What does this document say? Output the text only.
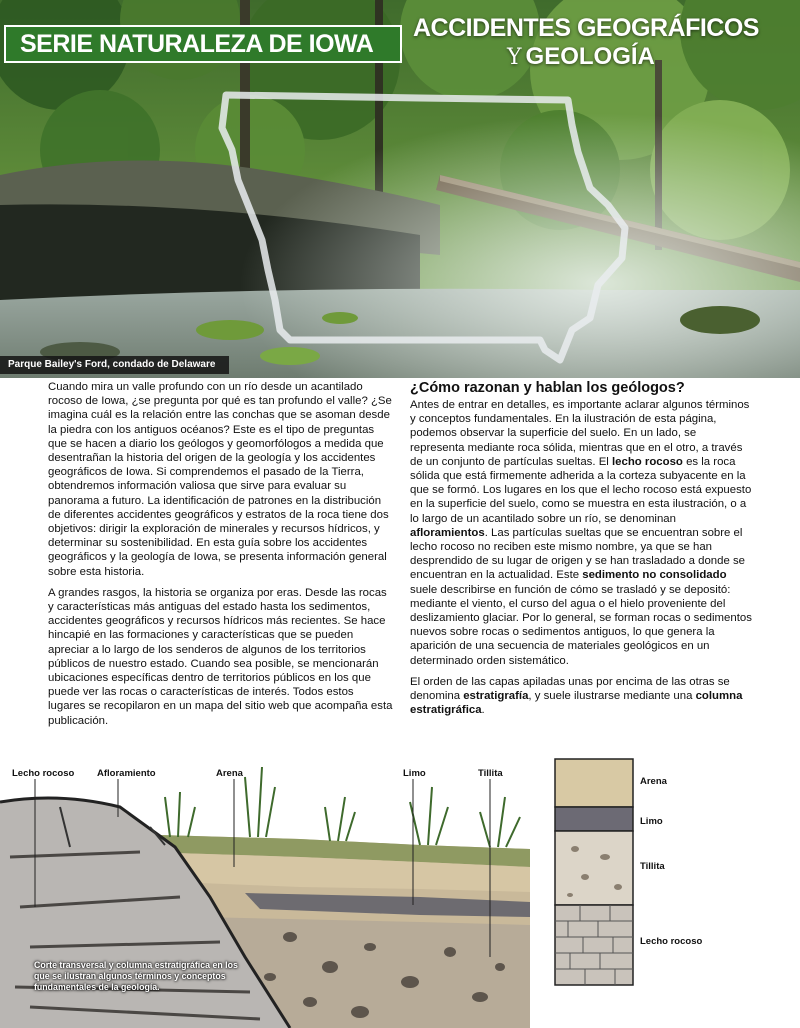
SERIE NATURALEZA DE IOWA
ACCIDENTES GEOGRÁFICOS
Y GEOLOGÍA
Parque Bailey's Ford, condado de Delaware

Cuando mira un valle profundo con un río desde un acantilado rocoso de Iowa, ¿se pregunta por qué es tan profundo el valle? ¿Se imagina cuál es la relación entre las conchas que se asoman desde la piedra con los antiguos océanos? Este es el tipo de preguntas que se hacen a diario los geólogos y geomorfólogos a medida que desentrañan la historia del origen de la geología y los accidentes geográficos de Iowa. Si comprendemos el pasado de la Tierra, obtendremos información valiosa que sirve para evaluar su panorama a futuro. La identificación de patrones en la distribución de diferentes accidentes geográficos y estratos de la roca tiene dos objetivos: dirigir la exploración de minerales y recursos hídricos, y determinar su sostenibilidad. En esta guía sobre los accidentes geográficos y la geología de Iowa, se presenta información general sobre esta historia.

A grandes rasgos, la historia se organiza por eras. Desde las rocas y características más antiguas del estado hasta los sedimentos, accidentes geográficos y recursos hídricos más recientes. Se hace hincapié en las formaciones y características que se pueden apreciar a lo largo de los senderos de algunos de los territorios públicos de nuestro estado. Cuando sea posible, se mencionarán ubicaciones específicas dentro de territorios públicos en los que puede ver las rocas o características de interés. Todos estos lugares se recopilaron en un mapa del sitio web que acompaña esta publicación.

¿Cómo razonan y hablan los geólogos?

Antes de entrar en detalles, es importante aclarar algunos términos y conceptos fundamentales. En la ilustración de esta página, podemos observar la superficie del suelo. En un lado, se representa mediante roca sólida, mientras que en el otro, a través de un conjunto de partículas sueltas. El lecho rocoso es la roca sólida que está firmemente adherida a la corteza subyacente en la que se formó. Los lugares en los que el lecho rocoso está expuesto en la superficie del suelo, como se muestra en esta ilustración, o a lo largo de un acantilado sobre un río, se denominan afloramientos. Las partículas sueltas que se encuentran sobre el lecho rocoso no reciben este mismo nombre, ya que se han desprendido de su lugar de origen y se han trasladado a donde se encuentran en la actualidad. Este sedimento no consolidado suele describirse en función de cómo se trasladó y se depositó: mediante el viento, el curso del agua o el hielo proveniente del deslizamiento glaciar. Por lo general, se forman rocas o sedimentos nuevos sobre rocas o sedimentos antiguos, lo que genera la aparición de una secuencia de materiales geológicos en un determinado orden sistemático.

El orden de las capas apiladas unas por encima de las otras se denomina estratigrafía, y suele ilustrarse mediante una columna estratigráfica.

Lecho rocoso Afloramiento	Arena	Limo	Tillita
Arena
Limo
Tillita
Lecho rocoso
Corte transversal y columna estratigráfica en los que se ilustran algunos términos y conceptos fundamentales de la geología.
